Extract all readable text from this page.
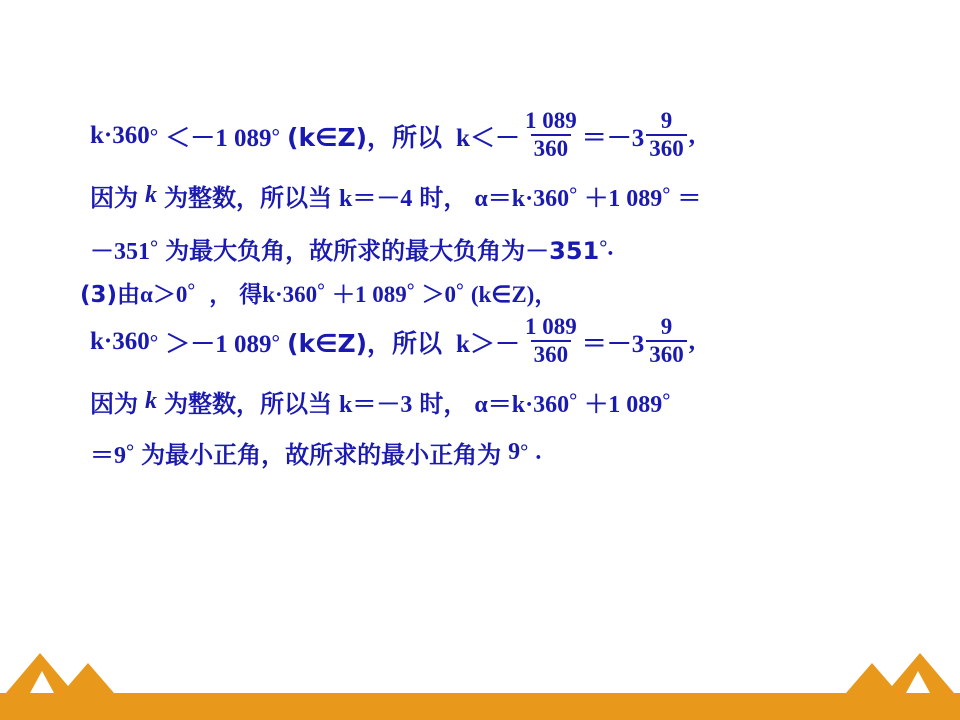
k·360 ° ＜－1 089 ° (k∈Z)，所以 $k<- \frac{1 089}{360} =-3 \frac{9}{360}$ ,
因为 k 为整数，所以当 k＝－4 时， α＝k·360 ° ＋1 089 ° ＝
－351 ° 为最大负角，故所求的最大负角为－351 ° .
(3)由 α＞0 ° ， 得k·360 ° ＋1 089 ° ＞0 ° (k∈Z)，
k·360 ° ＞－1 089 ° (k∈Z)，所以 $k>- \frac{1 089}{360} =-3 \frac{9}{360}$ ,
因为 k 为整数，所以当 k＝－3 时， α＝k·360 ° ＋1 089 °
＝9 ° 为最小正角，故所求的最小正角为 9 ° .
